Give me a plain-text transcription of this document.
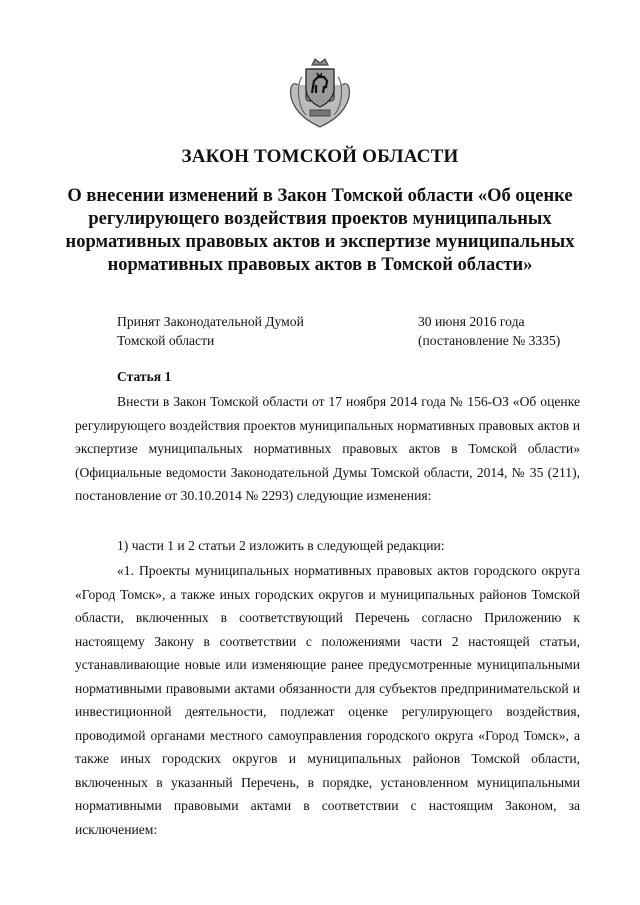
ЗАКОН ТОМСКОЙ ОБЛАСТИ
О внесении изменений в Закон Томской области «Об оценке регулирующего воздействия проектов муниципальных нормативных правовых актов и экспертизе муниципальных нормативных правовых актов в Томской области»
Принят Законодательной Думой
Томской области
30 июня 2016 года
(постановление № 3335)
Статья 1

Внести в Закон Томской области от 17 ноября 2014 года № 156-ОЗ «Об оценке регулирующего воздействия проектов муниципальных нормативных правовых актов и экспертизе муниципальных нормативных правовых актов в Томской области» (Официальные ведомости Законодательной Думы Томской области, 2014, № 35 (211), постановление от 30.10.2014 № 2293) следующие изменения:

1) части 1 и 2 статьи 2 изложить в следующей редакции:

«1. Проекты муниципальных нормативных правовых актов городского округа «Город Томск», а также иных городских округов и муниципальных районов Томской области, включенных в соответствующий Перечень согласно Приложению к настоящему Закону в соответствии с положениями части 2 настоящей статьи, устанавливающие новые или изменяющие ранее предусмотренные муниципальными нормативными правовыми актами обязанности для субъектов предпринимательской и инвестиционной деятельности, подлежат оценке регулирующего воздействия, проводимой органами местного самоуправления городского округа «Город Томск», а также иных городских округов и муниципальных районов Томской области, включенных в указанный Перечень, в порядке, установленном муниципальными нормативными правовыми актами в соответствии с настоящим Законом, за исключением:
